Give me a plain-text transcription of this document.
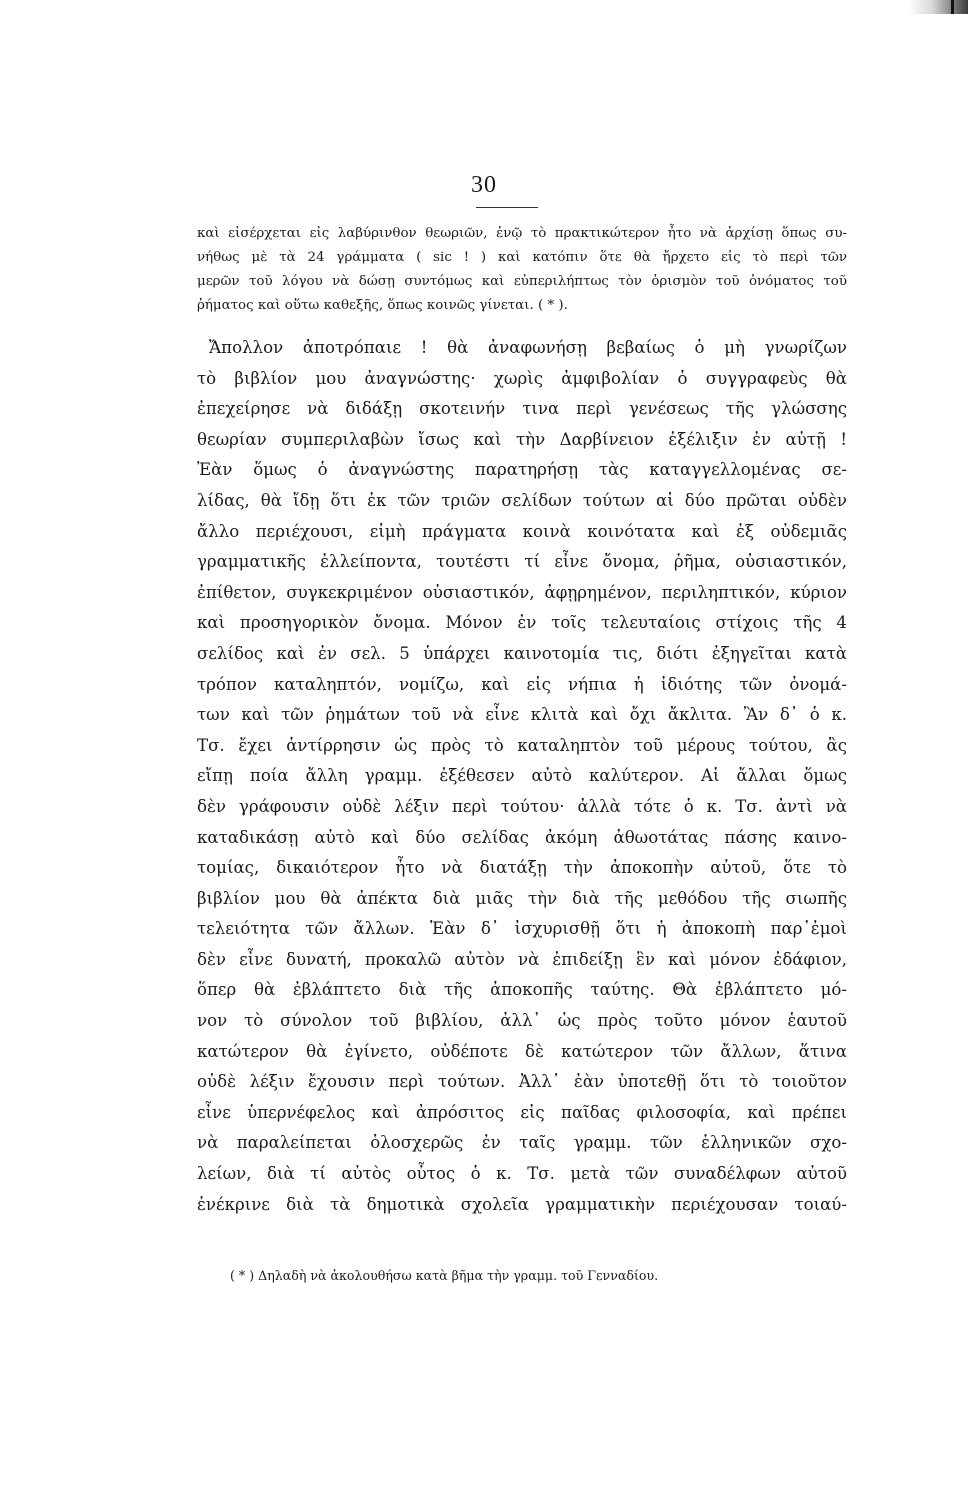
30
καὶ εἰσέρχεται εἰς λαβύρινθον θεωριῶν, ἐνῷ τὸ πρακτικώτερον ἦτο νὰ ἀρχίσῃ ὅπως συ-
νήθως μὲ τὰ 24 γράμματα ( sic ! ) καὶ κατόπιν ὅτε θὰ ἤρχετο εἰς τὸ περὶ τῶν
μερῶν τοῦ λόγου νὰ δώσῃ συντόμως καὶ εὐπεριλήπτως τὸν ὁρισμὸν τοῦ ὀνόματος τοῦ
ῥήματος καὶ οὕτω καθεξῆς, ὅπως κοινῶς γίνεται. ( * ).
Ἄπολλον ἀποτρόπαιε ! θὰ ἀναφωνήσῃ βεβαίως ὁ μὴ γνωρίζων
τὸ βιβλίον μου ἀναγνώστης· χωρὶς ἀμφιβολίαν ὁ συγγραφεὺς θὰ
ἐπεχείρησε νὰ διδάξῃ σκοτεινήν τινα περὶ γενέσεως τῆς γλώσσης
θεωρίαν συμπεριλαβὼν ἴσως καὶ τὴν Δαρβίνειον ἐξέλιξιν ἐν αὐτῇ !
Ἐὰν ὅμως ὁ ἀναγνώστης παρατηρήσῃ τὰς καταγγελλομένας σε-
λίδας, θὰ ἴδῃ ὅτι ἐκ τῶν τριῶν σελίδων τούτων αἱ δύο πρῶται οὐδὲν
ἄλλο περιέχουσι, εἰμὴ πράγματα κοινὰ κοινότατα καὶ ἐξ οὐδεμιᾶς
γραμματικῆς ἐλλείποντα, τουτέστι τί εἶνε ὄνομα, ῥῆμα, οὐσιαστικόν,
ἐπίθετον, συγκεκριμένον οὐσιαστικόν, ἀφῃρημένον, περιληπτικόν, κύριον
καὶ προσηγορικὸν ὄνομα. Μόνον ἐν τοῖς τελευταίοις στίχοις τῆς 4
σελίδος καὶ ἐν σελ. 5 ὑπάρχει καινοτομία τις, διότι ἐξηγεῖται κατὰ
τρόπον καταληπτόν, νομίζω, καὶ εἰς νήπια ἡ ἰδιότης τῶν ὀνομά-
των καὶ τῶν ῥημάτων τοῦ νὰ εἶνε κλιτὰ καὶ ὄχι ἄκλιτα. Ἂν δ᾽ ὁ κ.
Τσ. ἔχει ἀντίρρησιν ὡς πρὸς τὸ καταληπτὸν τοῦ μέρους τούτου, ἂς
εἴπῃ ποία ἄλλη γραμμ. ἐξέθεσεν αὐτὸ καλύτερον. Αἱ ἄλλαι ὅμως
δὲν γράφουσιν οὐδὲ λέξιν περὶ τούτου· ἀλλὰ τότε ὁ κ. Τσ. ἀντὶ νὰ
καταδικάσῃ αὐτὸ καὶ δύο σελίδας ἀκόμη ἀθωοτάτας πάσης καινο-
τομίας, δικαιότερον ἦτο νὰ διατάξῃ τὴν ἀποκοπὴν αὐτοῦ, ὅτε τὸ
βιβλίον μου θὰ ἀπέκτα διὰ μιᾶς τὴν διὰ τῆς μεθόδου τῆς σιωπῆς
τελειότητα τῶν ἄλλων. Ἐὰν δ᾽ ἰσχυρισθῇ ὅτι ἡ ἀποκοπὴ παρ᾽ἐμοὶ
δὲν εἶνε δυνατή, προκαλῶ αὐτὸν νὰ ἐπιδείξῃ ἓν καὶ μόνον ἐδάφιον,
ὅπερ θὰ ἐβλάπτετο διὰ τῆς ἀποκοπῆς ταύτης. Θὰ ἐβλάπτετο μό-
νον τὸ σύνολον τοῦ βιβλίου, ἀλλ᾽ ὡς πρὸς τοῦτο μόνον ἑαυτοῦ
κατώτερον θὰ ἐγίνετο, οὐδέποτε δὲ κατώτερον τῶν ἄλλων, ἅτινα
οὐδὲ λέξιν ἔχουσιν περὶ τούτων. Ἀλλ᾽ ἐὰν ὑποτεθῇ ὅτι τὸ τοιοῦτον
εἶνε ὑπερνέφελος καὶ ἀπρόσιτος εἰς παῖδας φιλοσοφία, καὶ πρέπει
νὰ παραλείπεται ὁλοσχερῶς ἐν ταῖς γραμμ. τῶν ἑλληνικῶν σχο-
λείων, διὰ τί αὐτὸς οὗτος ὁ κ. Τσ. μετὰ τῶν συναδέλφων αὐτοῦ
ἐνέκρινε διὰ τὰ δημοτικὰ σχολεῖα γραμματικὴν περιέχουσαν τοιαύ-
( * ) Δηλαδὴ νὰ ἀκολουθήσω κατὰ βῆμα τὴν γραμμ. τοῦ Γενναδίου.
